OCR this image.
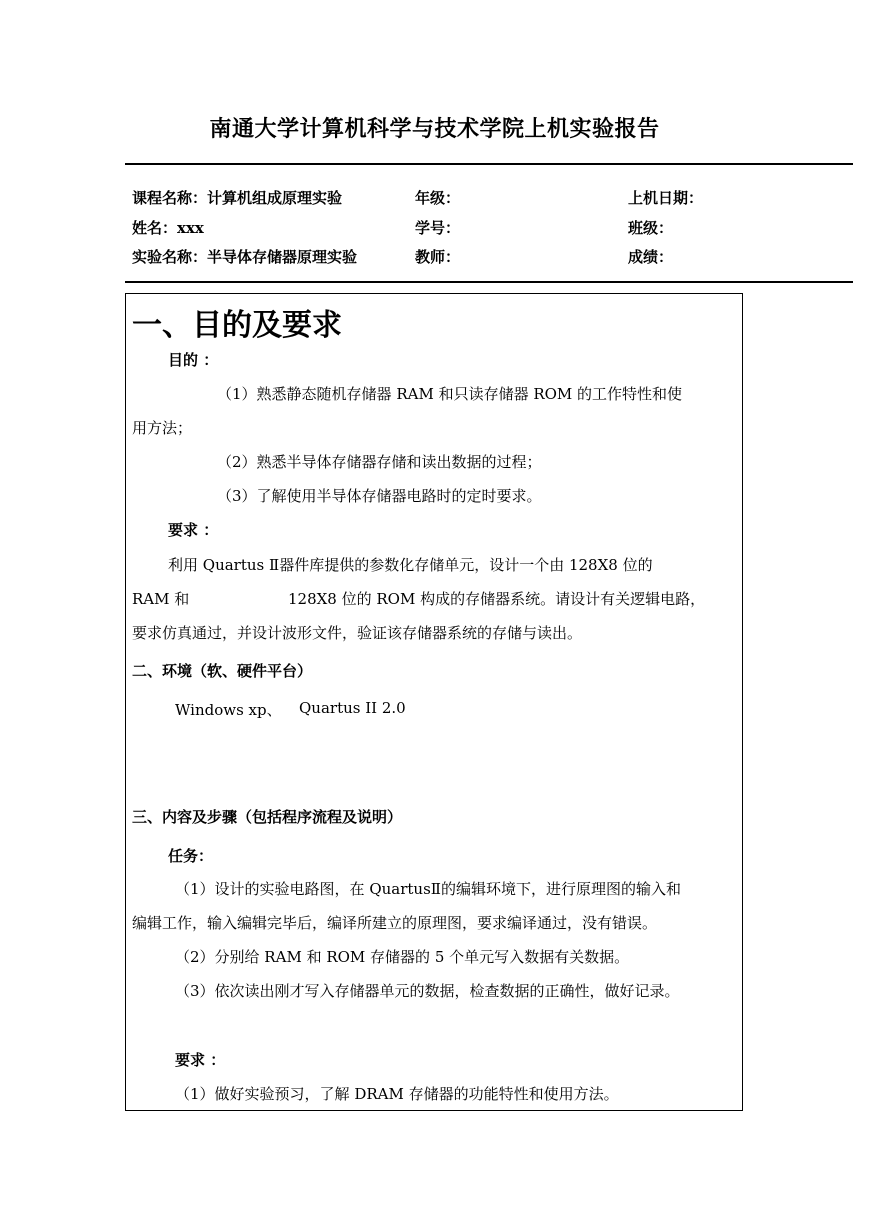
南通大学计算机科学与技术学院上机实验报告
课程名称：计算机组成原理实验	年级：	上机日期：
姓名：xxx	学号：	班级：
实验名称：半导体存储器原理实验	教师：	成绩：
一、目的及要求
目的 ：
（1）熟悉静态随机存储器 RAM 和只读存储器 ROM 的工作特性和使
用方法；
（2）熟悉半导体存储器存储和读出数据的过程；
（3）了解使用半导体存储器电路时的定时要求。
要求 ：
利用 Quartus Ⅱ器件库提供的参数化存储单元，设计一个由 128X8 位的
RAM 和	128X8 位的 ROM 构成的存储器系统。请设计有关逻辑电路，
要求仿真通过，并设计波形文件，验证该存储器系统的存储与读出。
二、环境（软、硬件平台）
Windows xp、 Quartus II 2.0
三、内容及步骤（包括程序流程及说明）
任务：
（1）设计的实验电路图，在 QuartusⅡ的编辑环境下，进行原理图的输入和
编辑工作，输入编辑完毕后，编译所建立的原理图，要求编译通过，没有错误。
（2）分别给 RAM 和 ROM 存储器的 5 个单元写入数据有关数据。
（3）依次读出刚才写入存储器单元的数据，检查数据的正确性，做好记录。
要求 ：
（1）做好实验预习，了解 DRAM 存储器的功能特性和使用方法。
